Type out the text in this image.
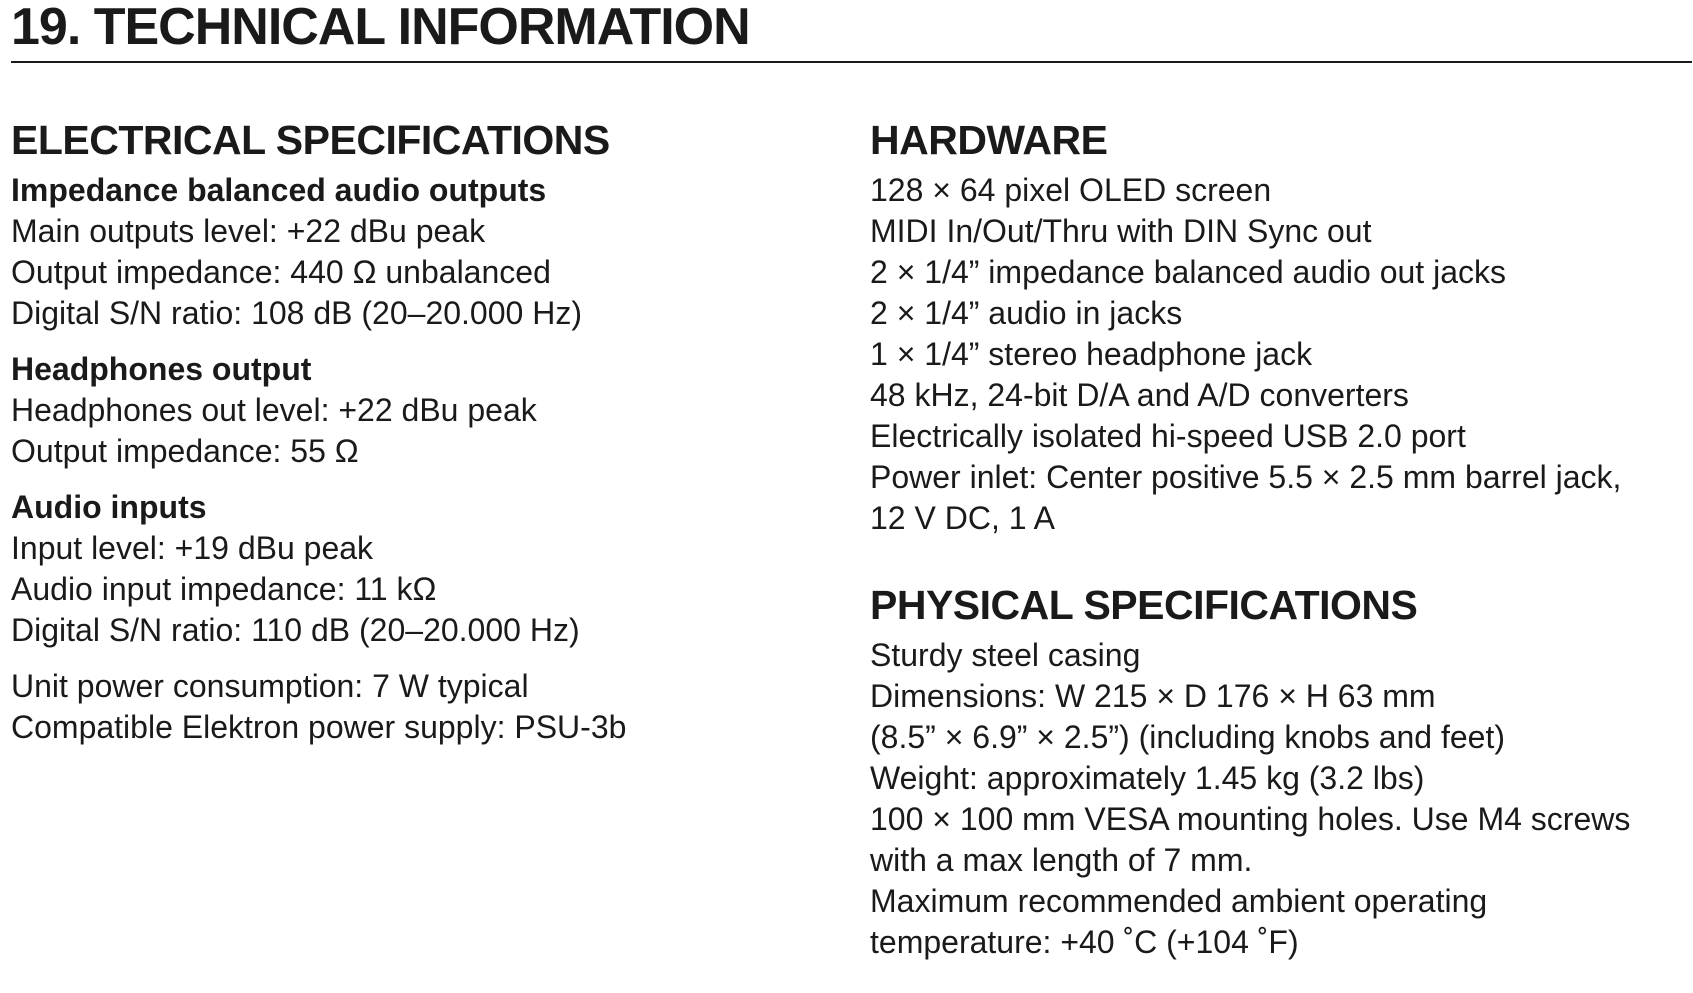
19. TECHNICAL INFORMATION
ELECTRICAL SPECIFICATIONS

Impedance balanced audio outputs

Main outputs level: +22 dBu peak

Output impedance: 440 Ω unbalanced

Digital S/N ratio: 108 dB (20–20.000 Hz)

Headphones output

Headphones out level: +22 dBu peak

Output impedance: 55 Ω

Audio inputs

Input level: +19 dBu peak

Audio input impedance: 11 kΩ

Digital S/N ratio: 110 dB (20–20.000 Hz)

Unit power consumption: 7 W typical

Compatible Elektron power supply: PSU-3b

HARDWARE

128 × 64 pixel OLED screen

MIDI In/Out/Thru with DIN Sync out

2 × 1/4” impedance balanced audio out jacks

2 × 1/4” audio in jacks

1 × 1/4” stereo headphone jack

48 kHz, 24-bit D/A and A/D converters

Electrically isolated hi-speed USB 2.0 port

Power inlet: Center positive 5.5 × 2.5 mm barrel jack,

12 V DC, 1 A

PHYSICAL SPECIFICATIONS

Sturdy steel casing

Dimensions: W 215 × D 176 × H 63 mm

(8.5” × 6.9” × 2.5”) (including knobs and feet)

Weight: approximately 1.45 kg (3.2 lbs)

100 × 100 mm VESA mounting holes. Use M4 screws

with a max length of 7 mm.

Maximum recommended ambient operating

temperature: +40 ˚C (+104 ˚F)
